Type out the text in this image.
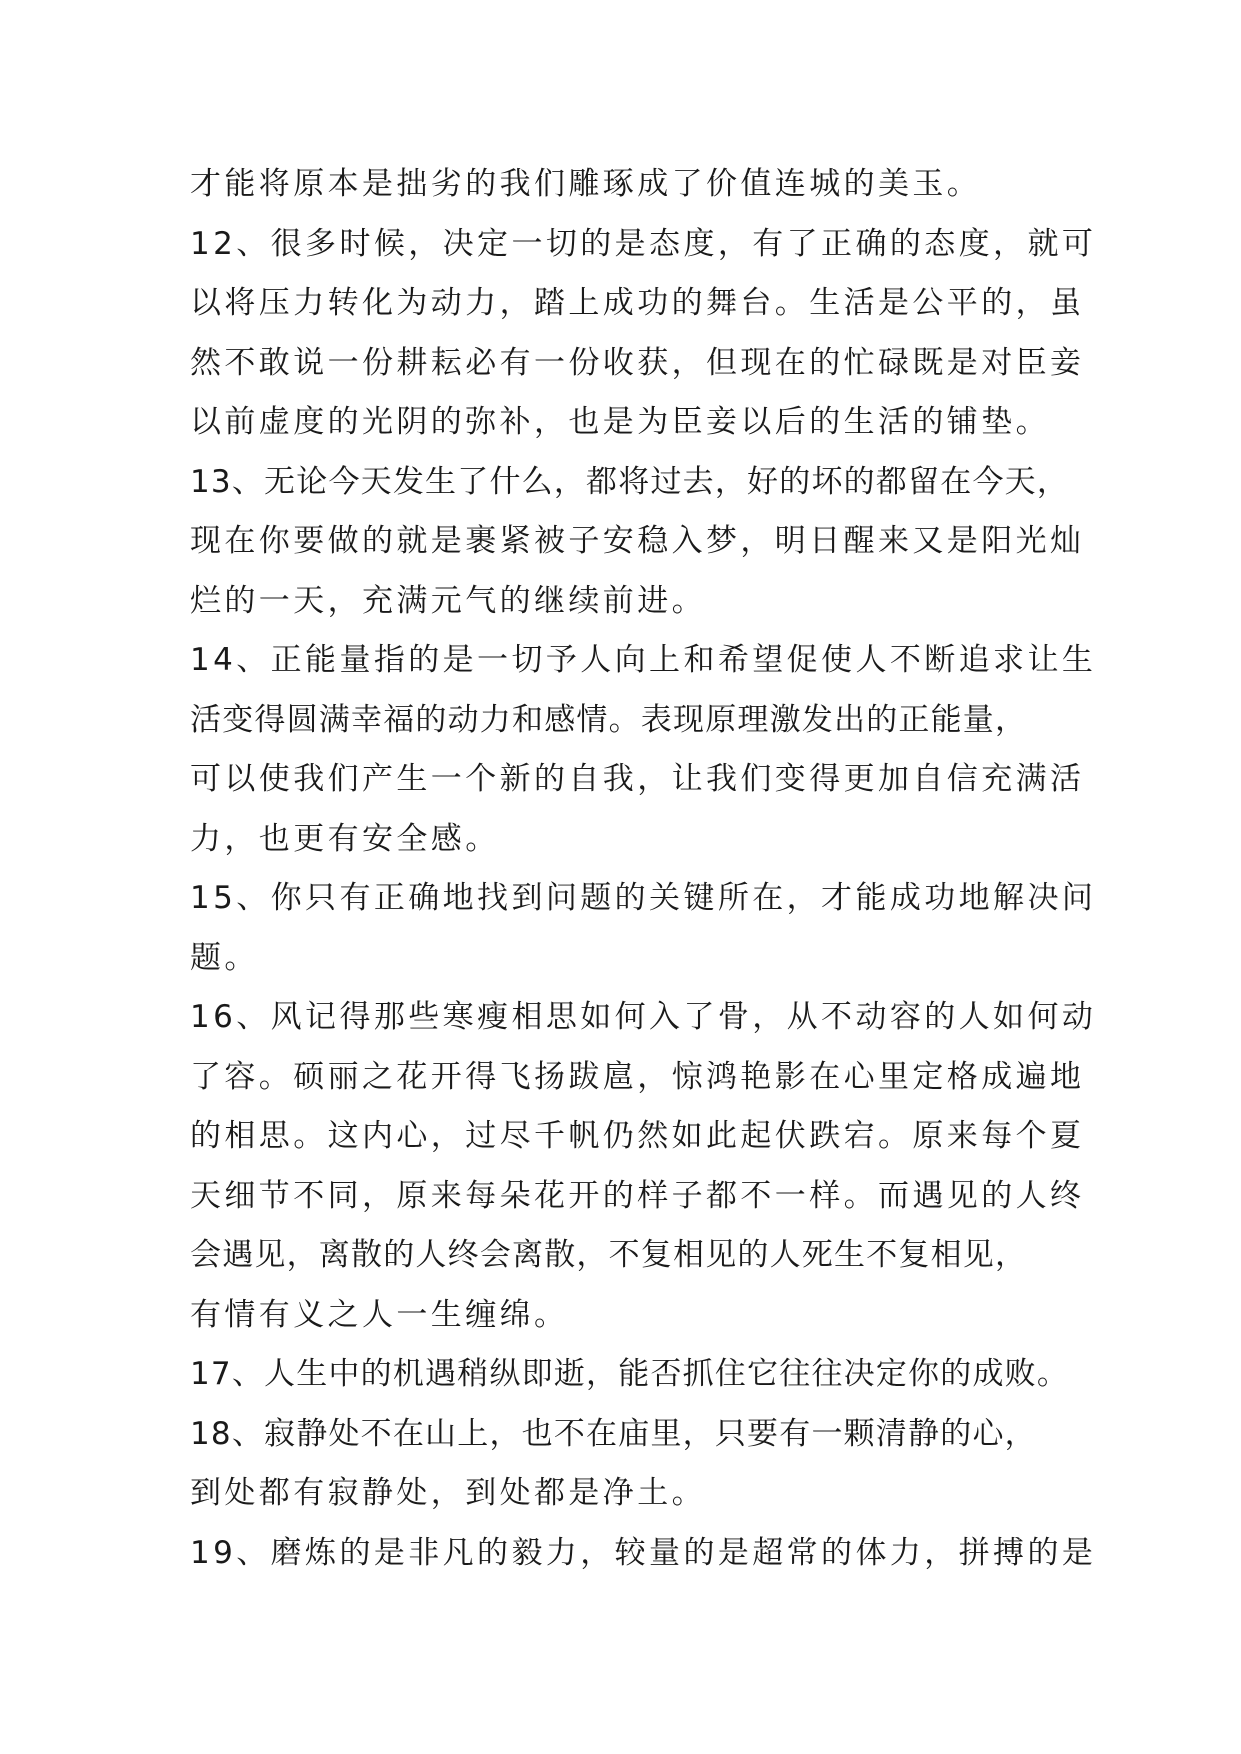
才能将原本是拙劣的我们雕琢成了价值连城的美玉。
12、很多时候，决定一切的是态度，有了正确的态度，就可
以将压力转化为动力，踏上成功的舞台。生活是公平的，虽
然不敢说一份耕耘必有一份收获，但现在的忙碌既是对臣妾
以前虚度的光阴的弥补，也是为臣妾以后的生活的铺垫。
13、无论今天发生了什么，都将过去，好的坏的都留在今天，
现在你要做的就是裹紧被子安稳入梦，明日醒来又是阳光灿
烂的一天，充满元气的继续前进。
14、正能量指的是一切予人向上和希望促使人不断追求让生
活变得圆满幸福的动力和感情。表现原理激发出的正能量，
可以使我们产生一个新的自我，让我们变得更加自信充满活
力，也更有安全感。
15、你只有正确地找到问题的关键所在，才能成功地解决问
题。
16、风记得那些寒瘦相思如何入了骨，从不动容的人如何动
了容。硕丽之花开得飞扬跋扈，惊鸿艳影在心里定格成遍地
的相思。这内心，过尽千帆仍然如此起伏跌宕。原来每个夏
天细节不同，原来每朵花开的样子都不一样。而遇见的人终
会遇见，离散的人终会离散，不复相见的人死生不复相见，
有情有义之人一生缠绵。
17、人生中的机遇稍纵即逝，能否抓住它往往决定你的成败。
18、寂静处不在山上，也不在庙里，只要有一颗清静的心，
到处都有寂静处，到处都是净土。
19、磨炼的是非凡的毅力，较量的是超常的体力，拼搏的是
